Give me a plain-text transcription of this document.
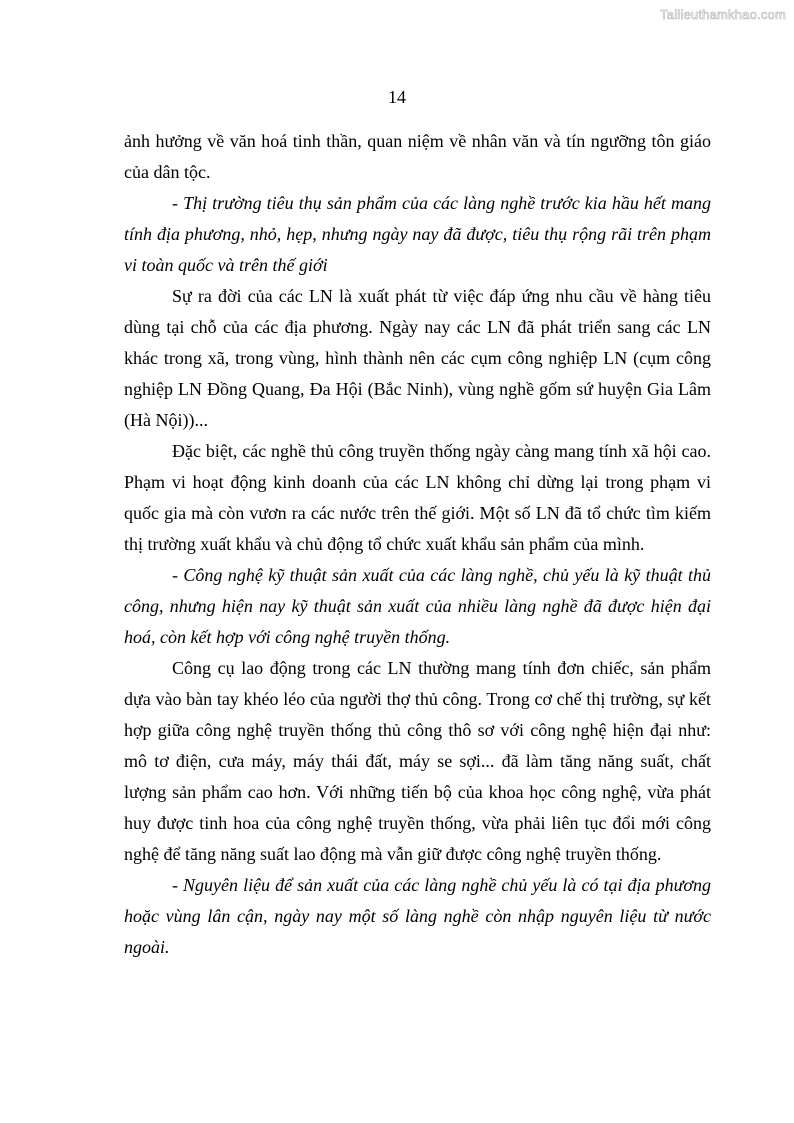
Tailieuthamkhao.com
14

ảnh hưởng về văn hoá tinh thần, quan niệm về nhân văn và tín ngưỡng tôn giáo của dân tộc.

- Thị trường tiêu thụ sản phẩm của các làng nghề trước kia hầu hết mang tính địa phương, nhỏ, hẹp, nhưng ngày nay đã được, tiêu thụ rộng rãi trên phạm vi toàn quốc và trên thế giới

Sự ra đời của các LN là xuất phát từ việc đáp ứng nhu cầu về hàng tiêu dùng tại chỗ của các địa phương. Ngày nay các LN đã phát triển sang các LN khác trong xã, trong vùng, hình thành nên các cụm công nghiệp LN (cụm công nghiệp LN Đồng Quang, Đa Hội (Bắc Ninh), vùng nghề gốm sứ huyện Gia Lâm (Hà Nội))...

Đặc biệt, các nghề thủ công truyền thống ngày càng mang tính xã hội cao. Phạm vi hoạt động kinh doanh của các LN không chỉ dừng lại trong phạm vi quốc gia mà còn vươn ra các nước trên thế giới. Một số LN đã tổ chức tìm kiếm thị trường xuất khẩu và chủ động tổ chức xuất khẩu sản phẩm của mình.

- Công nghệ kỹ thuật sản xuất của các làng nghề, chủ yếu là kỹ thuật thủ công, nhưng hiện nay kỹ thuật sản xuất của nhiều làng nghề đã được hiện đại hoá, còn kết hợp với công nghệ truyền thống.

Công cụ lao động trong các LN thường mang tính đơn chiếc, sản phẩm dựa vào bàn tay khéo léo của người thợ thủ công. Trong cơ chế thị trường, sự kết hợp giữa công nghệ truyền thống thủ công thô sơ với công nghệ hiện đại như: mô tơ điện, cưa máy, máy thái đất, máy se sợi... đã làm tăng năng suất, chất lượng sản phẩm cao hơn. Với những tiến bộ của khoa học công nghệ, vừa phát huy được tinh hoa của công nghệ truyền thống, vừa phải liên tục đổi mới công nghệ để tăng năng suất lao động mà vẫn giữ được công nghệ truyền thống.

- Nguyên liệu để sản xuất của các làng nghề chủ yếu là có tại địa phương hoặc vùng lân cận, ngày nay một số làng nghề còn nhập nguyên liệu từ nước ngoài.
